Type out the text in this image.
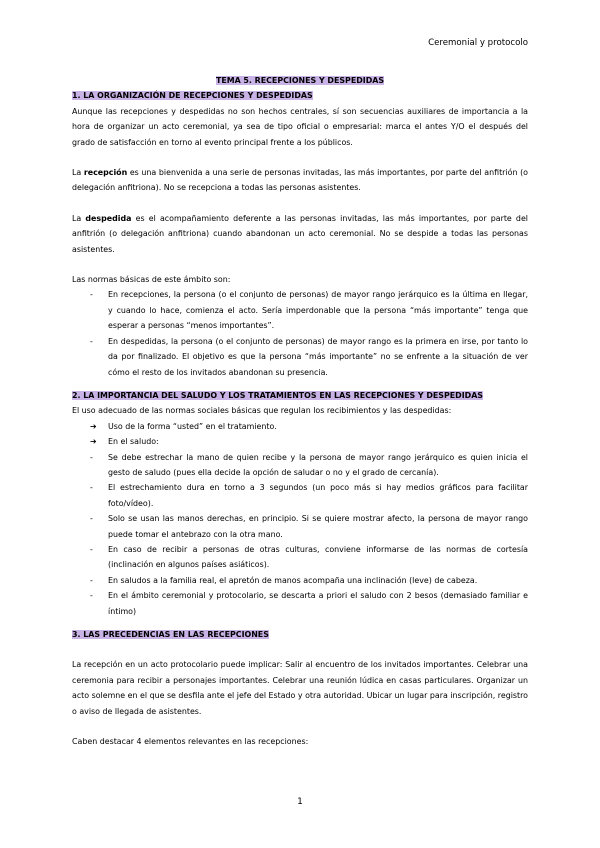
Ceremonial y protocolo

TEMA 5. RECEPCIONES Y DESPEDIDAS

1. LA ORGANIZACIÓN DE RECEPCIONES Y DESPEDIDAS

Aunque las recepciones y despedidas no son hechos centrales, sí son secuencias auxiliares de importancia a la hora de organizar un acto ceremonial, ya sea de tipo oficial o empresarial: marca el antes Y/O el después del grado de satisfacción en torno al evento principal frente a los públicos.

La recepción es una bienvenida a una serie de personas invitadas, las más importantes, por parte del anfitrión (o delegación anfitriona). No se recepciona a todas las personas asistentes.

La despedida es el acompañamiento deferente a las personas invitadas, las más importantes, por parte del anfitrión (o delegación anfitriona) cuando abandonan un acto ceremonial. No se despide a todas las personas asistentes.

Las normas básicas de este ámbito son:

- En recepciones, la persona (o el conjunto de personas) de mayor rango jerárquico es la última en llegar, y cuando lo hace, comienza el acto. Sería imperdonable que la persona “más importante” tenga que esperar a personas “menos importantes”.
- En despedidas, la persona (o el conjunto de personas) de mayor rango es la primera en irse, por tanto lo da por finalizado. El objetivo es que la persona “más importante” no se enfrente a la situación de ver cómo el resto de los invitados abandonan su presencia.

2. LA IMPORTANCIA DEL SALUDO Y LOS TRATAMIENTOS EN LAS RECEPCIONES Y DESPEDIDAS

El uso adecuado de las normas sociales básicas que regulan los recibimientos y las despedidas:

➔ Uso de la forma “usted” en el tratamiento.
➔ En el saludo:
- Se debe estrechar la mano de quien recibe y la persona de mayor rango jerárquico es quien inicia el gesto de saludo (pues ella decide la opción de saludar o no y el grado de cercanía).
- El estrechamiento dura en torno a 3 segundos (un poco más si hay medios gráficos para facilitar foto/vídeo).
- Solo se usan las manos derechas, en principio. Si se quiere mostrar afecto, la persona de mayor rango puede tomar el antebrazo con la otra mano.
- En caso de recibir a personas de otras culturas, conviene informarse de las normas de cortesía (inclinación en algunos países asiáticos).
- En saludos a la familia real, el apretón de manos acompaña una inclinación (leve) de cabeza.
- En el ámbito ceremonial y protocolario, se descarta a priori el saludo con 2 besos (demasiado familiar e íntimo)

3. LAS PRECEDENCIAS EN LAS RECEPCIONES

La recepción en un acto protocolario puede implicar: Salir al encuentro de los invitados importantes. Celebrar una ceremonia para recibir a personajes importantes. Celebrar una reunión lúdica en casas particulares. Organizar un acto solemne en el que se desfila ante el jefe del Estado y otra autoridad. Ubicar un lugar para inscripción, registro o aviso de llegada de asistentes.

Caben destacar 4 elementos relevantes en las recepciones:

1
